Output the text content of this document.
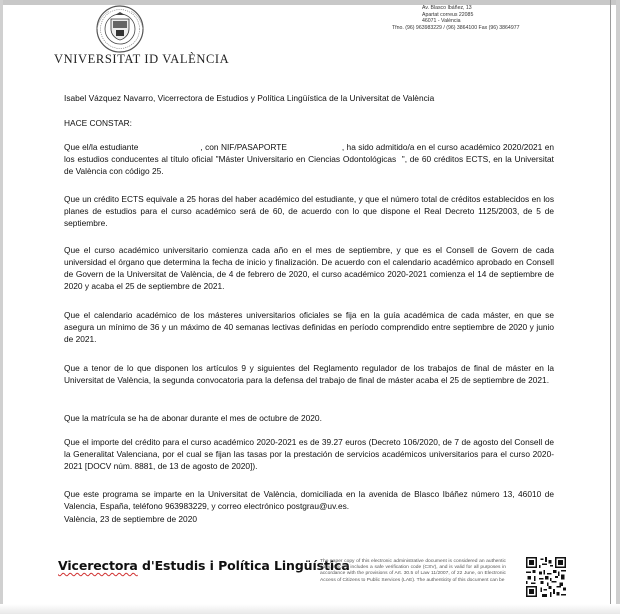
VNIVERSITAT ID VALÈNCIA
Av. Blasco Ibáñez, 13
Apartat correus 22085
46071 - València
Tfno. (96) 963983229 / (96) 3864100 Fax (96) 3864977

Isabel Vázquez Navarro, Vicerrectora de Estudios y Política Lingüística de la Universitat de València

HACE CONSTAR:

Que el/la estudiante                          , con NIF/PASAPORTE                       , ha sido admitido/a en el curso académico 2020/2021 en los estudios conducentes al título oficial "Máster Universitario en Ciencias Odontológicas  ", de 60 créditos ECTS, en la Universitat de València con código 25.

Que un crédito ECTS equivale a 25 horas del haber académico del estudiante, y que el número total de créditos establecidos en los planes de estudios para el curso académico será de 60, de acuerdo con lo que dispone el Real Decreto 1125/2003, de 5 de septiembre.

Que el curso académico universitario comienza cada año en el mes de septiembre, y que es el Consell de Govern de cada universidad el órgano que determina la fecha de inicio y finalización. De acuerdo con el calendario académico aprobado en Consell de Govern de la Universitat de València, de 4 de febrero de 2020, el curso académico 2020-2021 comienza el 14 de septiembre de 2020 y acaba el 25 de septiembre de 2021.

Que el calendario académico de los másteres universitarios oficiales se fija en la guía académica de cada máster, en que se asegura un mínimo de 36 y un máximo de 40 semanas lectivas definidas en período comprendido entre septiembre de 2020 y junio de 2021.

Que a tenor de lo que disponen los artículos 9 y siguientes del Reglamento regulador de los trabajos de final de máster en la Universitat de València, la segunda convocatoria para la defensa del trabajo de final de máster acaba el 25 de septiembre de 2021.

Que la matrícula se ha de abonar durante el mes de octubre de 2020.

Que el importe del crédito para el curso académico 2020-2021 es de 39.27 euros (Decreto 106/2020, de 7 de agosto del Consell de la Generalitat Valenciana, por el cual se fijan las tasas por la prestación de servicios académicos universitarios para el curso 2020-2021 [DOCV núm. 8881, de 13 de agosto de 2020]).

Que este programa se imparte en la Universitat de València, domiciliada en la avenida de Blasco Ibáñez número 13, 46010 de Valencia, España, teléfono 963983229, y correo electrónico postgrau@uv.es.

València, 23 de septiembre de 2020

Vicerectora d'Estudis i Política Lingüística
The paper copy of this electronic administrative document is considered an authentic copy, since it includes a safe verification code (CSV), and is valid for all purposes in accordance with the provisions of Art. 30.5 of Law 11/2007, of 22 June, on Electronic Access of Citizens to Public Services (LAE). The authenticity of this document can be
